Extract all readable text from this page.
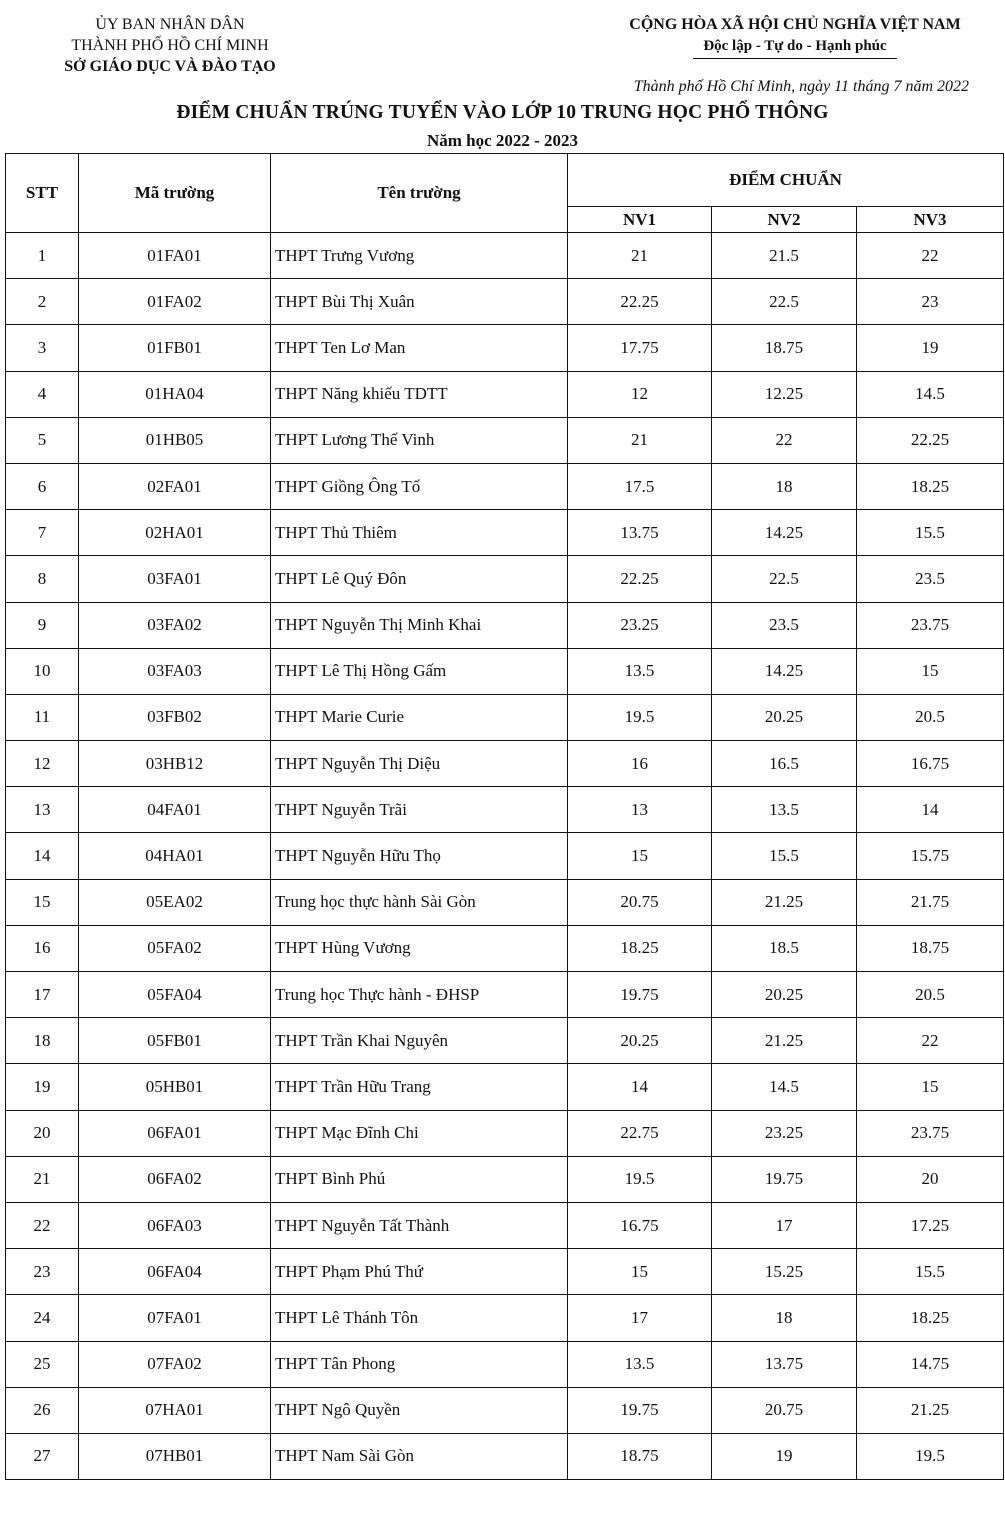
ỦY BAN NHÂN DÂN
THÀNH PHỐ HỒ CHÍ MINH
SỞ GIÁO DỤC VÀ ĐÀO TẠO
CỘNG HÒA XÃ HỘI CHỦ NGHĨA VIỆT NAM
Độc lập - Tự do - Hạnh phúc
Thành phố Hồ Chí Minh, ngày 11 tháng 7 năm 2022
ĐIỂM CHUẨN TRÚNG TUYỂN VÀO LỚP 10 TRUNG HỌC PHỔ THÔNG
Năm học 2022 - 2023
STT	Mã trường	Tên trường	ĐIỂM CHUẨN		
			NV1	NV2	NV3
1	01FA01	THPT Trưng Vương	21	21.5	22
2	01FA02	THPT Bùi Thị Xuân	22.25	22.5	23
3	01FB01	THPT Ten Lơ Man	17.75	18.75	19
4	01HA04	THPT Năng khiếu TDTT	12	12.25	14.5
5	01HB05	THPT Lương Thế Vinh	21	22	22.25
6	02FA01	THPT Giồng Ông Tố	17.5	18	18.25
7	02HA01	THPT Thủ Thiêm	13.75	14.25	15.5
8	03FA01	THPT Lê Quý Đôn	22.25	22.5	23.5
9	03FA02	THPT Nguyễn Thị Minh Khai	23.25	23.5	23.75
10	03FA03	THPT Lê Thị Hồng Gấm	13.5	14.25	15
11	03FB02	THPT Marie Curie	19.5	20.25	20.5
12	03HB12	THPT Nguyễn Thị Diệu	16	16.5	16.75
13	04FA01	THPT Nguyễn Trãi	13	13.5	14
14	04HA01	THPT Nguyễn Hữu Thọ	15	15.5	15.75
15	05EA02	Trung học thực hành Sài Gòn	20.75	21.25	21.75
16	05FA02	THPT Hùng Vương	18.25	18.5	18.75
17	05FA04	Trung học Thực hành - ĐHSP	19.75	20.25	20.5
18	05FB01	THPT Trần Khai Nguyên	20.25	21.25	22
19	05HB01	THPT Trần Hữu Trang	14	14.5	15
20	06FA01	THPT Mạc Đĩnh Chi	22.75	23.25	23.75
21	06FA02	THPT Bình Phú	19.5	19.75	20
22	06FA03	THPT Nguyễn Tất Thành	16.75	17	17.25
23	06FA04	THPT Phạm Phú Thứ	15	15.25	15.5
24	07FA01	THPT Lê Thánh Tôn	17	18	18.25
25	07FA02	THPT Tân Phong	13.5	13.75	14.75
26	07HA01	THPT Ngô Quyền	19.75	20.75	21.25
27	07HB01	THPT Nam Sài Gòn	18.75	19	19.5
